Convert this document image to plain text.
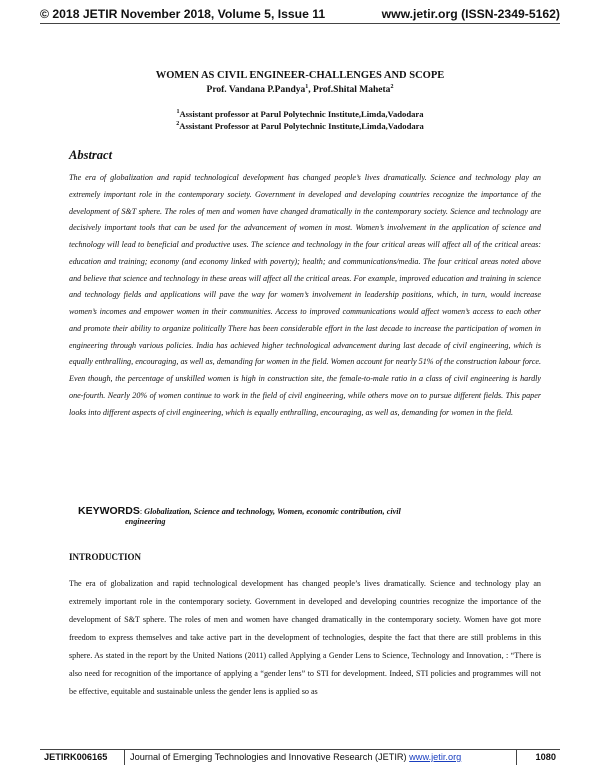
© 2018 JETIR November 2018, Volume 5, Issue 11	www.jetir.org (ISSN-2349-5162)
WOMEN AS CIVIL ENGINEER-CHALLENGES AND SCOPE
Prof. Vandana P.Pandya$^1$, Prof.Shital Maheta$^2$
$^1$Assistant professor at Parul Polytechnic Institute,Limda,Vadodara
$^2$Assistant Professor at Parul Polytechnic Institute,Limda,Vadodara
Abstract

The era of globalization and rapid technological development has changed people’s lives dramatically. Science and technology play an extremely important role in the contemporary society. Government in developed and developing countries recognize the importance of the development of S&T sphere. The roles of men and women have changed dramatically in the contemporary society. Science and technology are decisively important tools that can be used for the advancement of women in most. Women’s involvement in the application of science and technology will lead to beneficial and productive uses. The science and technology in the four critical areas will affect all of the critical areas: education and training; economy (and economy linked with poverty); health; and communications/media. The four critical areas noted above and believe that science and technology in these areas will affect all the critical areas. For example, improved education and training in science and technology fields and applications will pave the way for women’s involvement in leadership positions, which, in turn, would increase women’s incomes and empower women in their communities. Access to improved communications would affect women’s access to each other and promote their ability to organize politically There has been considerable effort in the last decade to increase the participation of women in engineering through various policies. India has achieved higher technological advancement during last decade of civil engineering, which is equally enthralling, encouraging, as well as, demanding for women in the field. Women account for nearly 51% of the construction labour force. Even though, the percentage of unskilled women is high in construction site, the female-to-male ratio in a class of civil engineering is hardly one-fourth. Nearly 20% of women continue to work in the field of civil engineering, while others move on to pursue different fields. This paper looks into different aspects of civil engineering, which is equally enthralling, encouraging, as well as, demanding for women in the field.

KEYWORDS: Globalization, Science and technology, Women, economic contribution, civil
engineering
INTRODUCTION

The era of globalization and rapid technological development has changed people’s lives dramatically. Science and technology play an extremely important role in the contemporary society. Government in developed and developing countries recognize the importance of the development of S&T sphere. The roles of men and women have changed dramatically in the contemporary society. Women have got more freedom to express themselves and take active part in the development of technologies, despite the fact that there are still problems in this sphere. As stated in the report by the United Nations (2011) called Applying a Gender Lens to Science, Technology and Innovation, : “There is also need for recognition of the importance of applying a “gender lens” to STI for development. Indeed, STI policies and programmes will not be effective, equitable and sustainable unless the gender lens is applied so as

JETIRK006165 Journal of Emerging Technologies and Innovative Research (JETIR) www.jetir.org	1080
